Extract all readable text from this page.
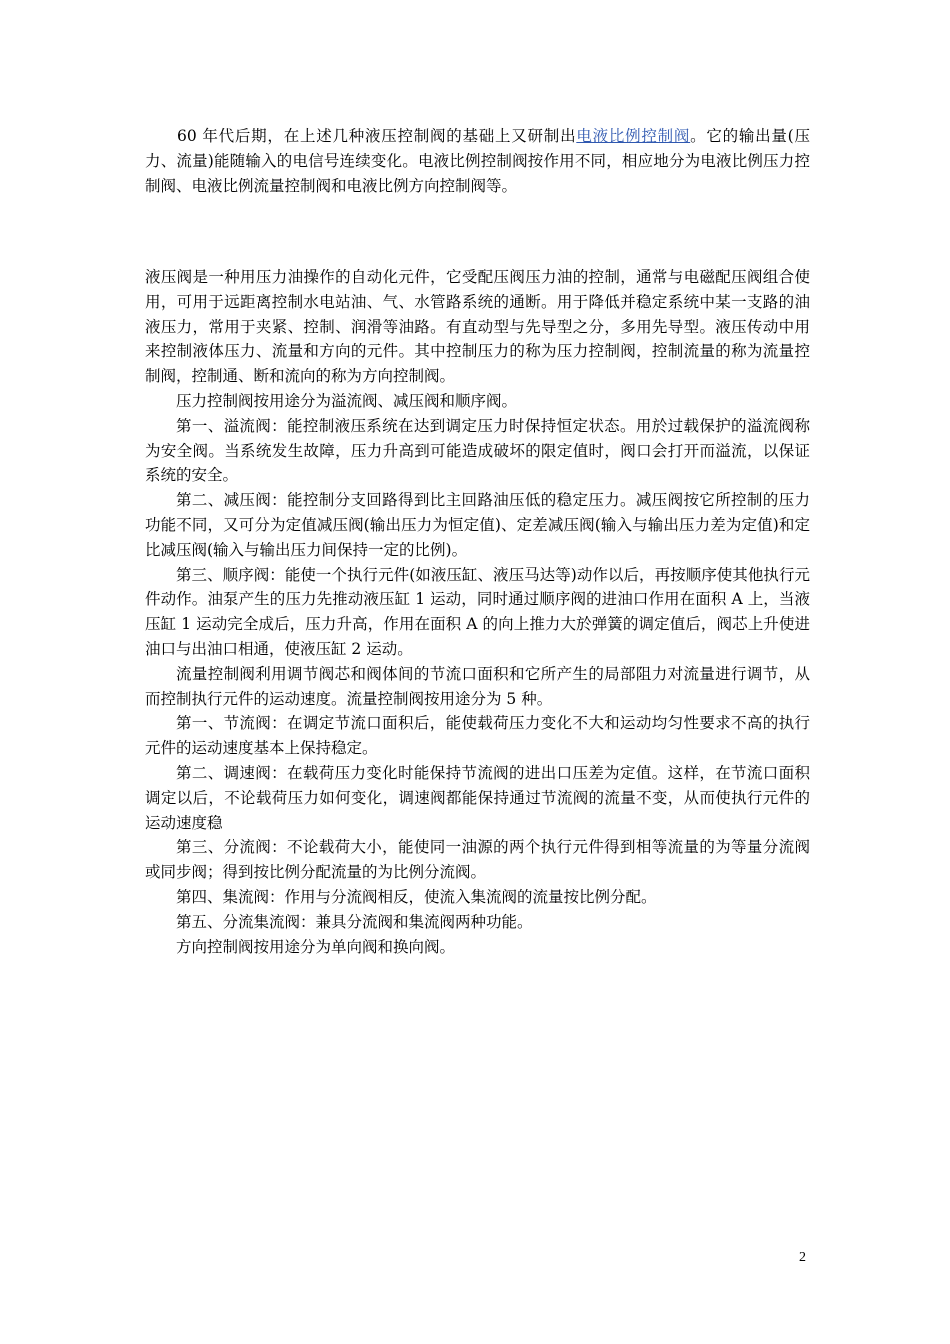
60 年代后期，在上述几种液压控制阀的基础上又研制出电液比例控制阀。它的输出量(压力、流量)能随输入的电信号连续变化。电液比例控制阀按作用不同，相应地分为电液比例压力控制阀、电液比例流量控制阀和电液比例方向控制阀等。

液压阀是一种用压力油操作的自动化元件，它受配压阀压力油的控制，通常与电磁配压阀组合使用，可用于远距离控制水电站油、气、水管路系统的通断。用于降低并稳定系统中某一支路的油液压力，常用于夹紧、控制、润滑等油路。有直动型与先导型之分，多用先导型。液压传动中用来控制液体压力、流量和方向的元件。其中控制压力的称为压力控制阀，控制流量的称为流量控制阀，控制通、断和流向的称为方向控制阀。

压力控制阀按用途分为溢流阀、减压阀和顺序阀。

第一、溢流阀：能控制液压系统在达到调定压力时保持恒定状态。用於过载保护的溢流阀称为安全阀。当系统发生故障，压力升高到可能造成破坏的限定值时，阀口会打开而溢流，以保证系统的安全。

第二、减压阀：能控制分支回路得到比主回路油压低的稳定压力。减压阀按它所控制的压力功能不同，又可分为定值减压阀(输出压力为恒定值)、定差减压阀(输入与输出压力差为定值)和定比减压阀(输入与输出压力间保持一定的比例)。

第三、顺序阀：能使一个执行元件(如液压缸、液压马达等)动作以后，再按顺序使其他执行元件动作。油泵产生的压力先推动液压缸 1 运动，同时通过顺序阀的进油口作用在面积 A 上，当液压缸 1 运动完全成后，压力升高，作用在面积 A 的向上推力大於弹簧的调定值后，阀芯上升使进油口与出油口相通，使液压缸 2 运动。

流量控制阀利用调节阀芯和阀体间的节流口面积和它所产生的局部阻力对流量进行调节，从而控制执行元件的运动速度。流量控制阀按用途分为 5 种。

第一、节流阀：在调定节流口面积后，能使载荷压力变化不大和运动均匀性要求不高的执行元件的运动速度基本上保持稳定。

第二、调速阀：在载荷压力变化时能保持节流阀的进出口压差为定值。这样，在节流口面积调定以后，不论载荷压力如何变化，调速阀都能保持通过节流阀的流量不变，从而使执行元件的运动速度稳

第三、分流阀：不论载荷大小，能使同一油源的两个执行元件得到相等流量的为等量分流阀或同步阀；得到按比例分配流量的为比例分流阀。

第四、集流阀：作用与分流阀相反，使流入集流阀的流量按比例分配。

第五、分流集流阀：兼具分流阀和集流阀两种功能。

方向控制阀按用途分为单向阀和换向阀。

2
